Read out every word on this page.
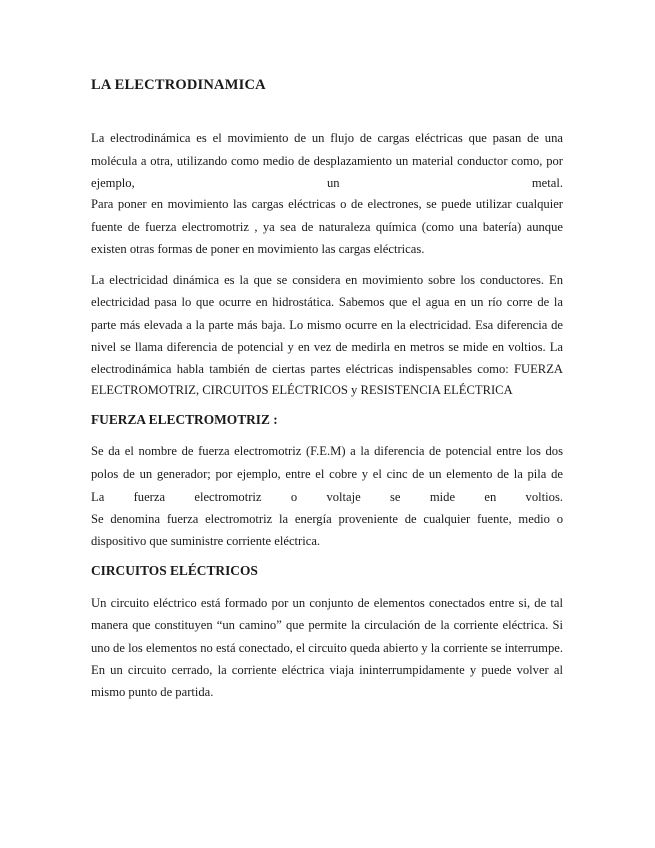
LA ELECTRODINAMICA
La electrodinámica es el movimiento de un flujo de cargas eléctricas que pasan de una
molécula a otra, utilizando como medio de desplazamiento un material conductor como, por
ejemplo, un metal.
Para poner en movimiento las cargas eléctricas o de electrones, se puede utilizar cualquier
fuente de fuerza electromotriz , ya sea de naturaleza química (como una batería) aunque
existen otras formas de poner en movimiento las cargas eléctricas.
La electricidad dinámica es la que se considera en movimiento sobre los conductores. En
electricidad pasa lo que ocurre en hidrostática. Sabemos que el agua en un río corre de la
parte más elevada a la parte más baja. Lo mismo ocurre en la electricidad. Esa diferencia de
nivel se llama diferencia de potencial y en vez de medirla en metros se mide en voltios. La
electrodinámica habla también de ciertas partes eléctricas indispensables como: FUERZA
ELECTROMOTRIZ, CIRCUITOS ELÉCTRICOS y RESISTENCIA ELÉCTRICA
FUERZA ELECTROMOTRIZ :
Se da el nombre de fuerza electromotriz (F.E.M) a la diferencia de potencial entre los dos
polos de un generador; por ejemplo, entre el cobre y el cinc de un elemento de la pila de
La fuerza electromotriz o voltaje se mide en voltios.
Se denomina fuerza electromotriz la energía proveniente de cualquier fuente, medio o
dispositivo que suministre corriente eléctrica.
CIRCUITOS ELÉCTRICOS
Un circuito eléctrico está formado por un conjunto de elementos conectados entre si, de tal
manera que constituyen “un camino” que permite la circulación de la corriente eléctrica. Si
uno de los elementos no está conectado, el circuito queda abierto y la corriente se interrumpe.
En un circuito cerrado, la corriente eléctrica viaja ininterrumpidamente y puede volver al
mismo punto de partida.
